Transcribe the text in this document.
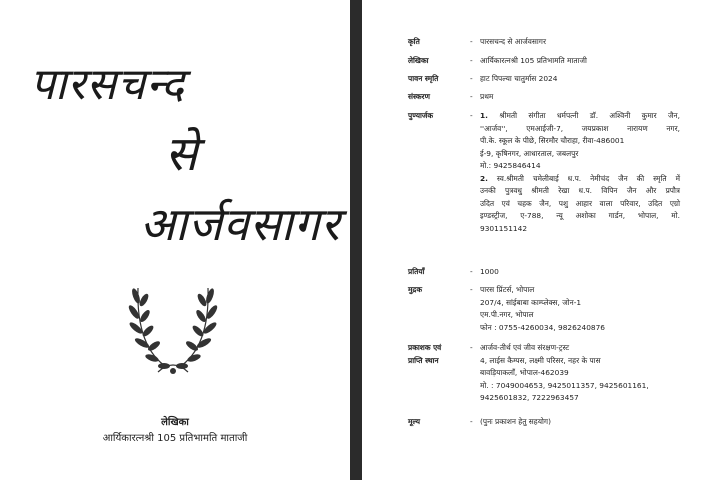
पारसचन्द
से
आर्जवसागर
लेखिका
आर्यिकारत्नश्री 105 प्रतिभामति माताजी
कृति	- पारसचन्द से आर्जवसागर
लेखिका	- आर्यिकारत्नश्री 105 प्रतिभामति माताजी
पावन स्मृति	- हाट पिपल्या चातुर्मास 2024
संस्करण	- प्रथम
पुण्यार्जक	- 1. श्रीमती संगीता धर्मपत्नी डॉ. अश्विनी कुमार जैन,
''आर्जव'', एमआईजी-7, जयप्रकाश नारायण नगर,
पी.के. स्कूल के पीछे, सिरमौर चौराहा, रीवा-486001
ई-9, कृषिनगर, आधारताल, जबलपुर
मो.: 9425846414
2. स्व.श्रीमती चमेलीबाई ध.प. नेमीचंद जैन की स्मृति में
उनकी पुत्रवधु श्रीमती रेखा ध.प. विपिन जैन और प्रपौत्र
उदित एवं चहक जैन, पशु आहार वाला परिवार, उदित एग्रो
इण्डस्ट्रीज, ए-788, न्यू अशोका गार्डन, भोपाल, मो.
9301151142
प्रतियाँ	- 1000
मुद्रक	- पारस प्रिंटर्स, भोपाल
207/4, सांईबाबा काम्प्लेक्स, जोन-1
एम.पी.नगर, भोपाल
फोन : 0755-4260034, 9826240876
प्रकाशक एवं
प्राप्ति स्थान
- आर्जव-तीर्थ एवं जीव संरक्षण-ट्रस्ट
4, लाईस कैम्पस, लक्ष्मी परिसर, नहर के पास
बावड़ियाकलाँ, भोपाल-462039
मो. : 7049004653, 9425011357, 9425601161,
9425601832, 7222963457
मूल्य	- (पुनः प्रकाशन हेतु सहयोग)
